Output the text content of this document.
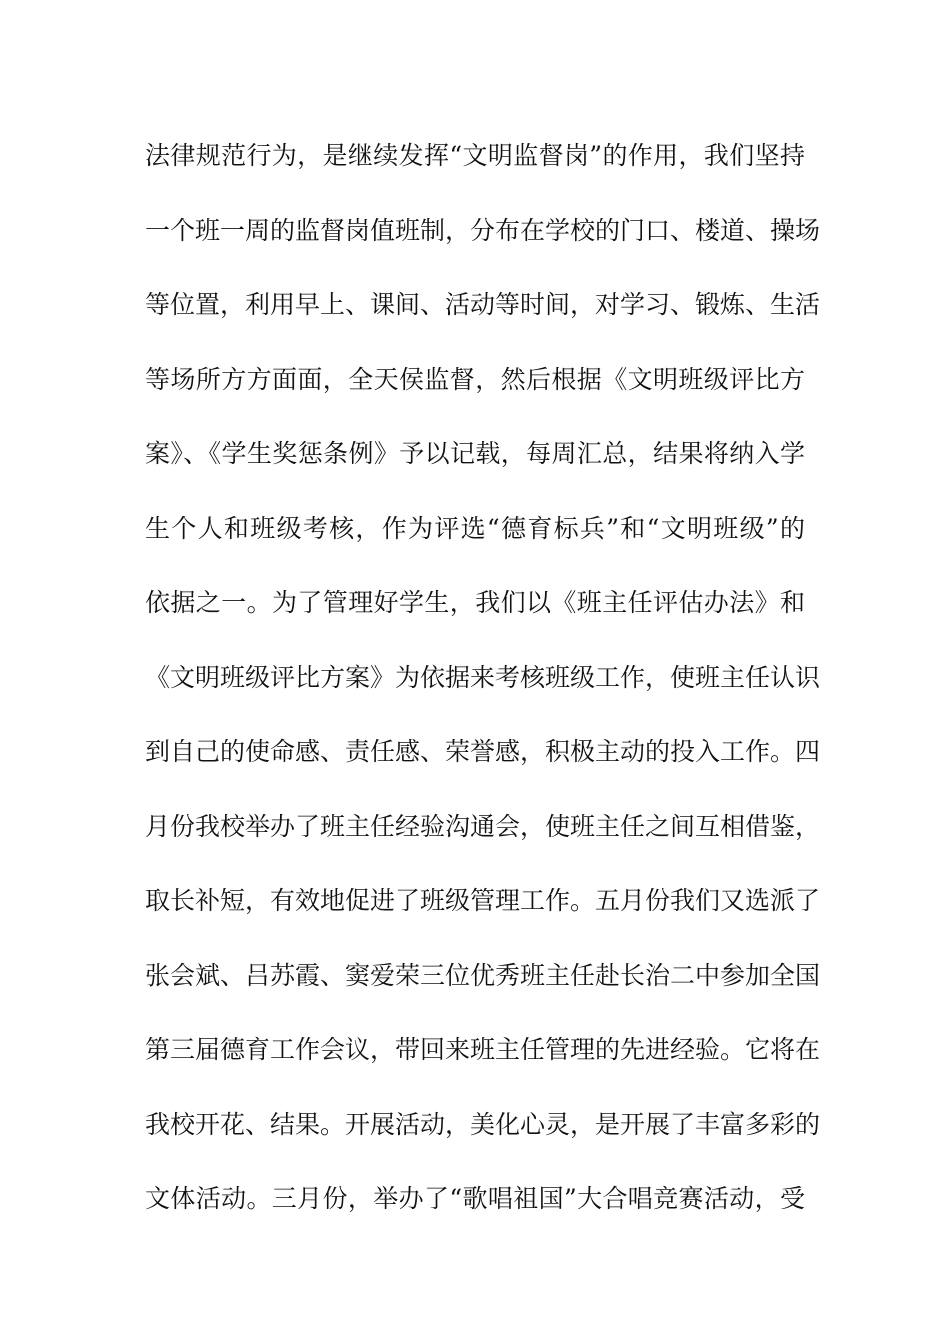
法律规范行为，是继续发挥“文明监督岗”的作用，我们坚持
一个班一周的监督岗值班制，分布在学校的门口、楼道、操场
等位置，利用早上、课间、活动等时间，对学习、锻炼、生活
等场所方方面面，全天侯监督，然后根据《文明班级评比方
案》、《学生奖惩条例》予以记载，每周汇总，结果将纳入学
生个人和班级考核，作为评选“德育标兵”和“文明班级”的
依据之一。为了管理好学生，我们以《班主任评估办法》和
《文明班级评比方案》为依据来考核班级工作，使班主任认识
到自己的使命感、责任感、荣誉感，积极主动的投入工作。四
月份我校举办了班主任经验沟通会，使班主任之间互相借鉴，
取长补短，有效地促进了班级管理工作。五月份我们又选派了
张会斌、吕苏霞、窦爱荣三位优秀班主任赴长治二中参加全国
第三届德育工作会议，带回来班主任管理的先进经验。它将在
我校开花、结果。开展活动，美化心灵，是开展了丰富多彩的
文体活动。三月份，举办了“歌唱祖国”大合唱竞赛活动，受
